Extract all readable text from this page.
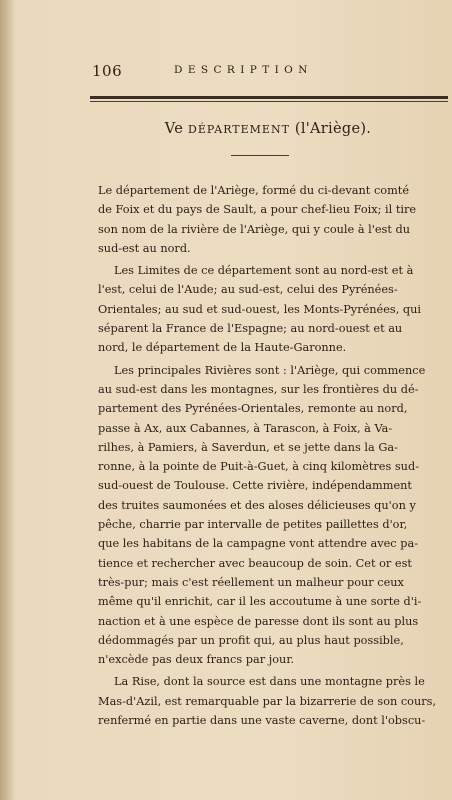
106	DESCRIPTION
Ve DÉPARTEMENT (l'Ariège).
Le département de l'Ariège, formé du ci-devant comté
de Foix et du pays de Sault, a pour chef-lieu Foix; il tire
son nom de la rivière de l'Ariège, qui y coule à l'est du
sud-est au nord.
Les Limites de ce département sont au nord-est et à
l'est, celui de l'Aude; au sud-est, celui des Pyrénées-
Orientales; au sud et sud-ouest, les Monts-Pyrénées, qui
séparent la France de l'Espagne; au nord-ouest et au
nord, le département de la Haute-Garonne.
Les principales Rivières sont : l'Ariège, qui commence
au sud-est dans les montagnes, sur les frontières du dé-
partement des Pyrénées-Orientales, remonte au nord,
passe à Ax, aux Cabannes, à Tarascon, à Foix, à Va-
rilhes, à Pamiers, à Saverdun, et se jette dans la Ga-
ronne, à la pointe de Puit-à-Guet, à cinq kilomètres sud-
sud-ouest de Toulouse. Cette rivière, indépendamment
des truites saumonées et des aloses délicieuses qu'on y
pêche, charrie par intervalle de petites paillettes d'or,
que les habitans de la campagne vont attendre avec pa-
tience et rechercher avec beaucoup de soin. Cet or est
très-pur; mais c'est réellement un malheur pour ceux
même qu'il enrichit, car il les accoutume à une sorte d'i-
naction et à une espèce de paresse dont ils sont au plus
dédommagés par un profit qui, au plus haut possible,
n'excède pas deux francs par jour.
La Rise, dont la source est dans une montagne près le
Mas-d'Azil, est remarquable par la bizarrerie de son cours,
renfermé en partie dans une vaste caverne, dont l'obscu-
